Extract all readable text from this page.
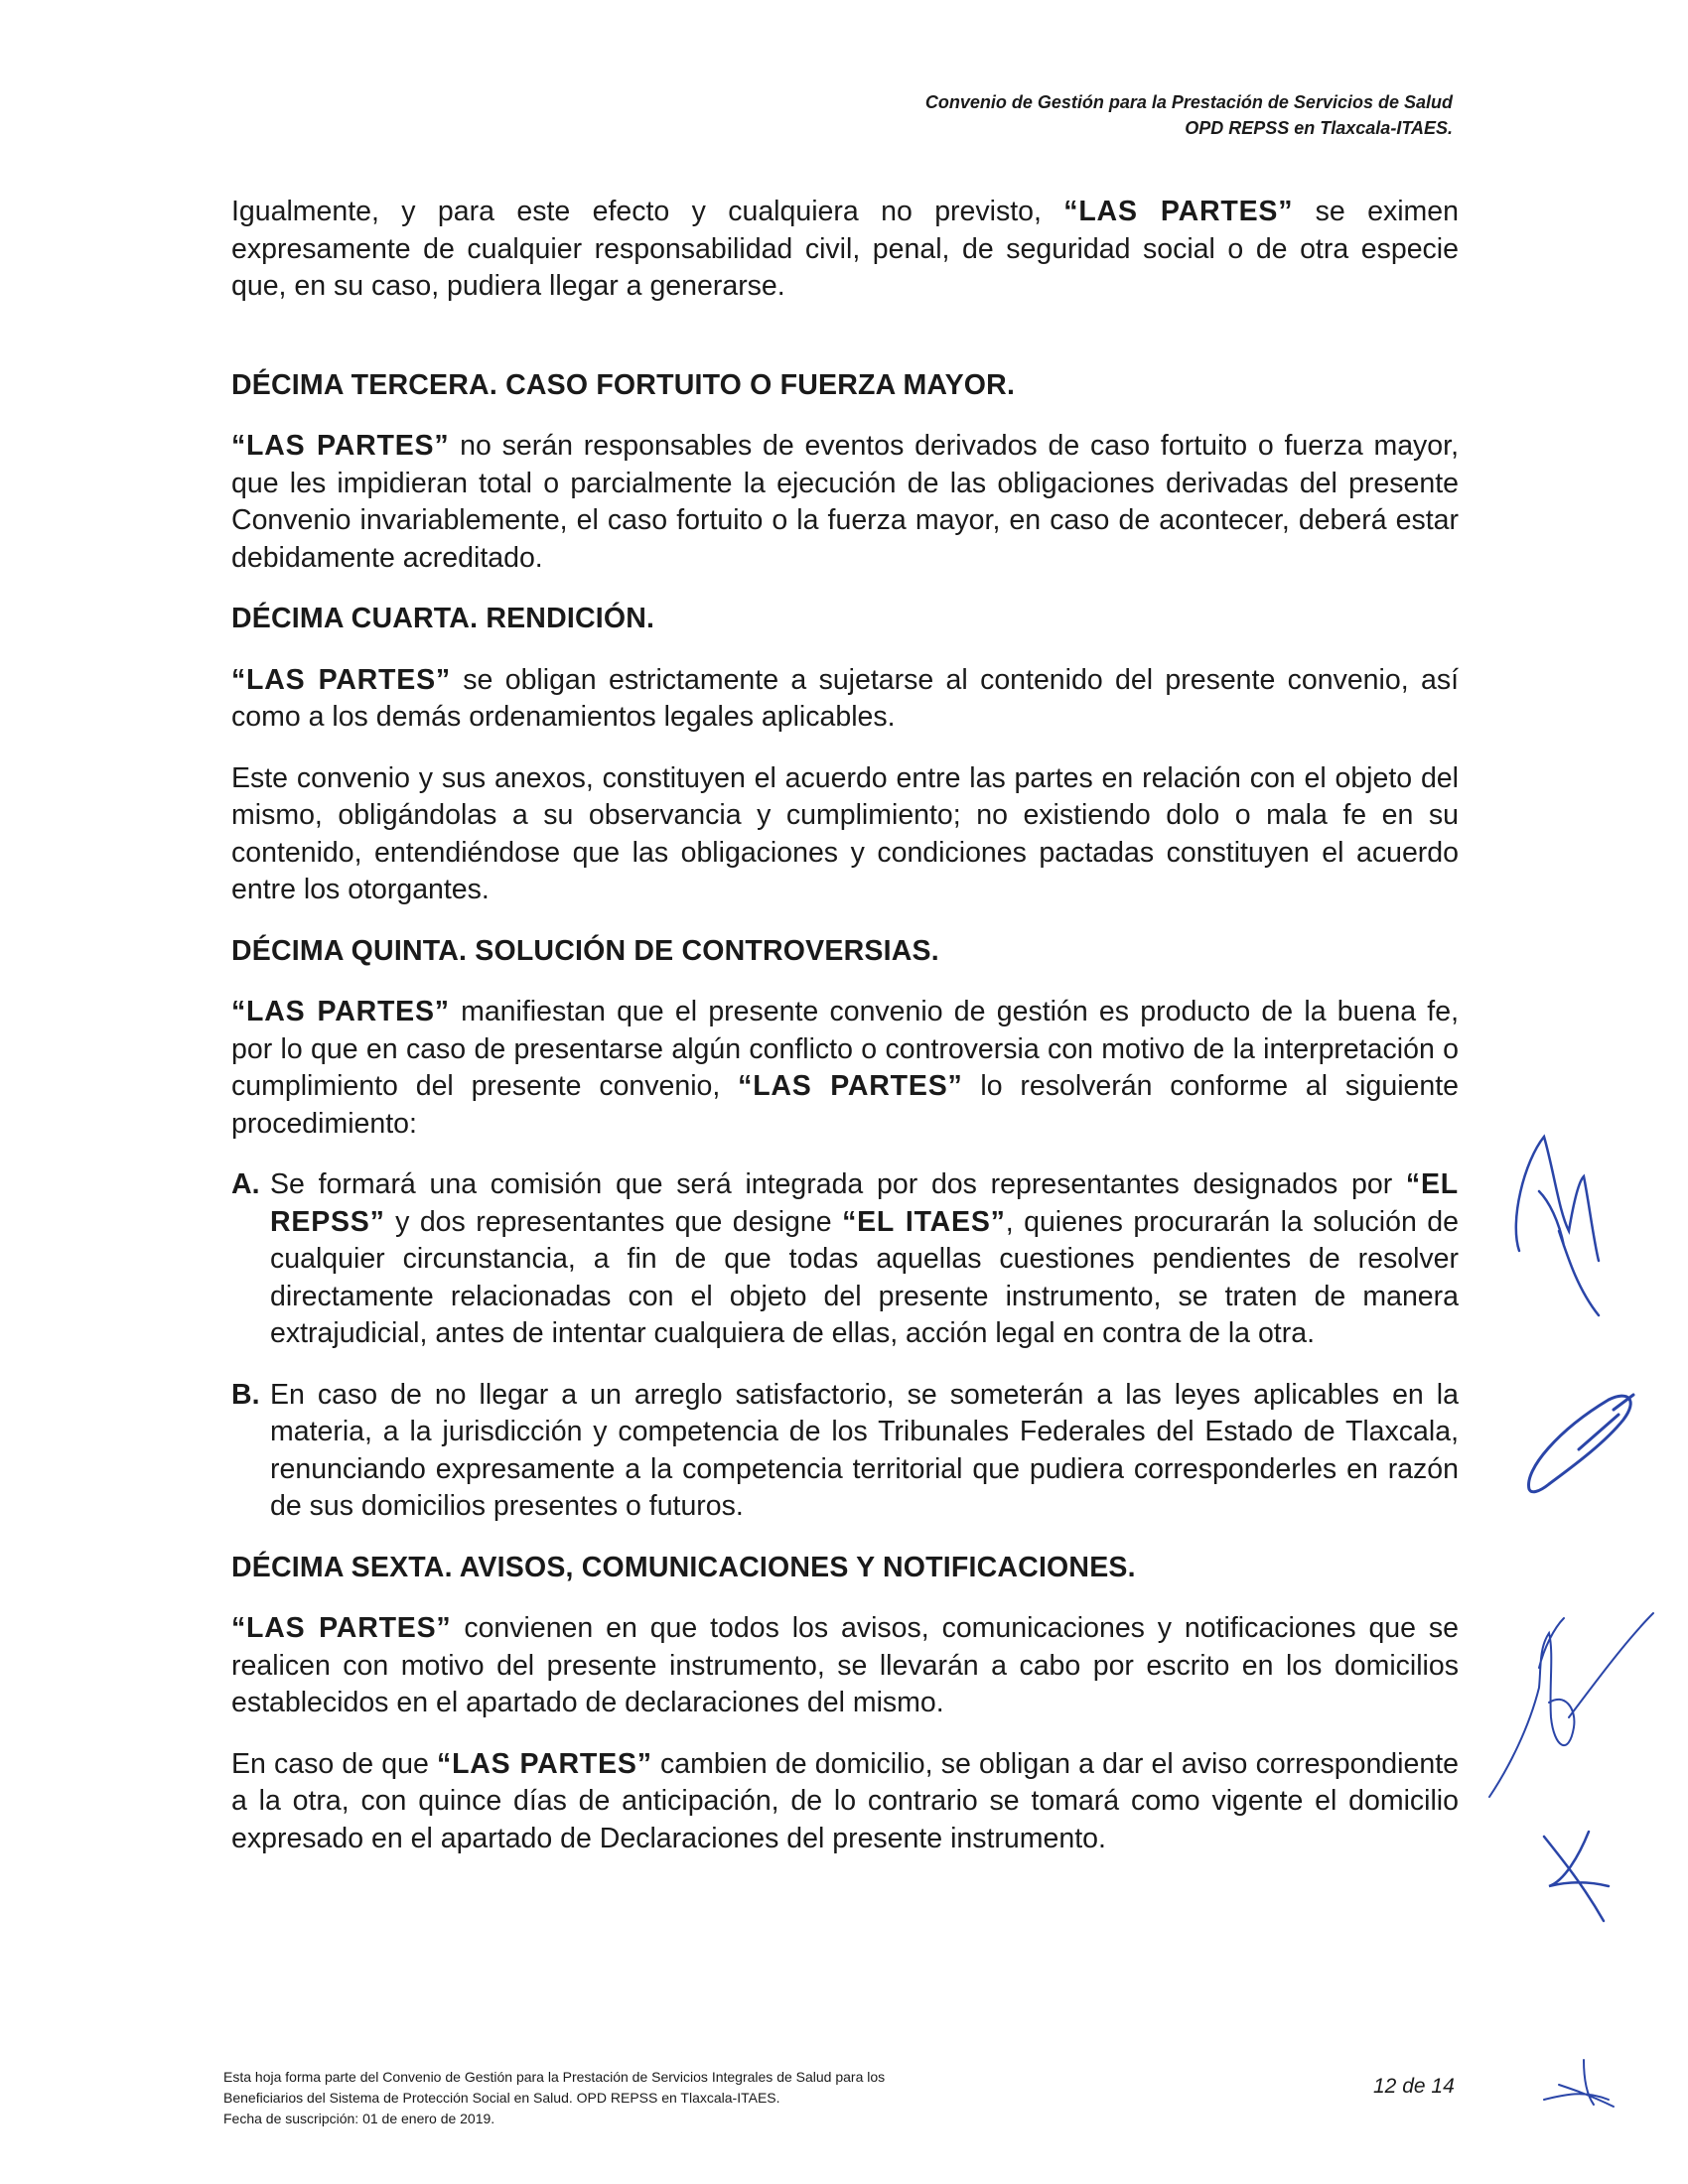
Convenio de Gestión para la Prestación de Servicios de Salud
OPD REPSS en Tlaxcala-ITAES.

Igualmente, y para este efecto y cualquiera no previsto, “LAS PARTES” se eximen expresamente de cualquier responsabilidad civil, penal, de seguridad social o de otra especie que, en su caso, pudiera llegar a generarse.

DÉCIMA TERCERA. CASO FORTUITO O FUERZA MAYOR.

“LAS PARTES” no serán responsables de eventos derivados de caso fortuito o fuerza mayor, que les impidieran total o parcialmente la ejecución de las obligaciones derivadas del presente Convenio invariablemente, el caso fortuito o la fuerza mayor, en caso de acontecer, deberá estar debidamente acreditado.

DÉCIMA CUARTA. RENDICIÓN.

“LAS PARTES” se obligan estrictamente a sujetarse al contenido del presente convenio, así como a los demás ordenamientos legales aplicables.

Este convenio y sus anexos, constituyen el acuerdo entre las partes en relación con el objeto del mismo, obligándolas a su observancia y cumplimiento; no existiendo dolo o mala fe en su contenido, entendiéndose que las obligaciones y condiciones pactadas constituyen el acuerdo entre los otorgantes.

DÉCIMA QUINTA. SOLUCIÓN DE CONTROVERSIAS.

“LAS PARTES” manifiestan que el presente convenio de gestión es producto de la buena fe, por lo que en caso de presentarse algún conflicto o controversia con motivo de la interpretación o cumplimiento del presente convenio, “LAS PARTES” lo resolverán conforme al siguiente procedimiento:

A. Se formará una comisión que será integrada por dos representantes designados por “EL REPSS” y dos representantes que designe “EL ITAES”, quienes procurarán la solución de cualquier circunstancia, a fin de que todas aquellas cuestiones pendientes de resolver directamente relacionadas con el objeto del presente instrumento, se traten de manera extrajudicial, antes de intentar cualquiera de ellas, acción legal en contra de la otra.

B. En caso de no llegar a un arreglo satisfactorio, se someterán a las leyes aplicables en la materia, a la jurisdicción y competencia de los Tribunales Federales del Estado de Tlaxcala, renunciando expresamente a la competencia territorial que pudiera corresponderles en razón de sus domicilios presentes o futuros.

DÉCIMA SEXTA. AVISOS, COMUNICACIONES Y NOTIFICACIONES.

“LAS PARTES” convienen en que todos los avisos, comunicaciones y notificaciones que se realicen con motivo del presente instrumento, se llevarán a cabo por escrito en los domicilios establecidos en el apartado de declaraciones del mismo.

En caso de que “LAS PARTES” cambien de domicilio, se obligan a dar el aviso correspondiente a la otra, con quince días de anticipación, de lo contrario se tomará como vigente el domicilio expresado en el apartado de Declaraciones del presente instrumento.

Esta hoja forma parte del Convenio de Gestión para la Prestación de Servicios Integrales de Salud para los
Beneficiarios del Sistema de Protección Social en Salud. OPD REPSS en Tlaxcala-ITAES.
Fecha de suscripción: 01 de enero de 2019.
12 de 14
